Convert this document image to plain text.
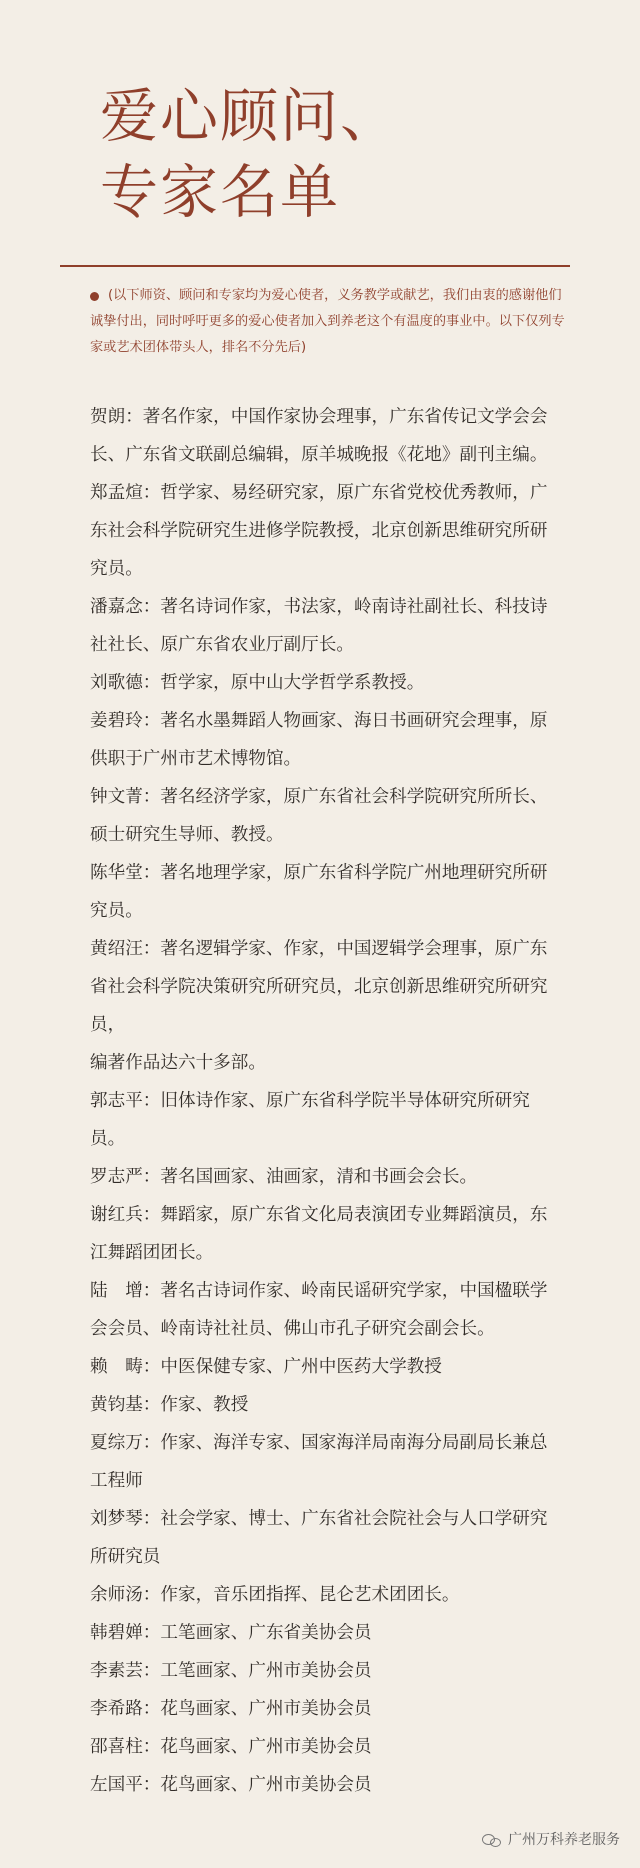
爱心顾问、
专家名单
(以下师资、顾问和专家均为爱心使者，义务教学或献艺，我们由衷的感谢他们诚挚付出，同时呼吁更多的爱心使者加入到养老这个有温度的事业中。以下仅列专家或艺术团体带头人，排名不分先后)

贺朗：著名作家，中国作家协会理事，广东省传记文学会会长、广东省文联副总编辑，原羊城晚报《花地》副刊主编。

郑孟煊：哲学家、易经研究家，原广东省党校优秀教师，广东社会科学院研究生进修学院教授，北京创新思维研究所研究员。

潘嘉念：著名诗词作家，书法家，岭南诗社副社长、科技诗社社长、原广东省农业厅副厅长。

刘歌德：哲学家，原中山大学哲学系教授。

姜碧玲：著名水墨舞蹈人物画家、海日书画研究会理事，原供职于广州市艺术博物馆。

钟文菁：著名经济学家，原广东省社会科学院研究所所长、硕士研究生导师、教授。

陈华堂：著名地理学家，原广东省科学院广州地理研究所研究员。

黄绍汪：著名逻辑学家、作家，中国逻辑学会理事，原广东省社会科学院决策研究所研究员，北京创新思维研究所研究员，

编著作品达六十多部。

郭志平：旧体诗作家、原广东省科学院半导体研究所研究员。

罗志严：著名国画家、油画家，清和书画会会长。

谢红兵：舞蹈家，原广东省文化局表演团专业舞蹈演员，东江舞蹈团团长。

陆　增：著名古诗词作家、岭南民谣研究学家，中国楹联学会会员、岭南诗社社员、佛山市孔子研究会副会长。

赖　畴：中医保健专家、广州中医药大学教授

黄钧基：作家、教授

夏综万：作家、海洋专家、国家海洋局南海分局副局长兼总工程师

刘梦琴：社会学家、博士、广东省社会院社会与人口学研究所研究员

余师汤：作家，音乐团指挥、昆仑艺术团团长。

韩碧婵：工笔画家、广东省美协会员

李素芸：工笔画家、广州市美协会员

李希路：花鸟画家、广州市美协会员

邵喜柱：花鸟画家、广州市美协会员

左国平：花鸟画家、广州市美协会员

广州万科养老服务
